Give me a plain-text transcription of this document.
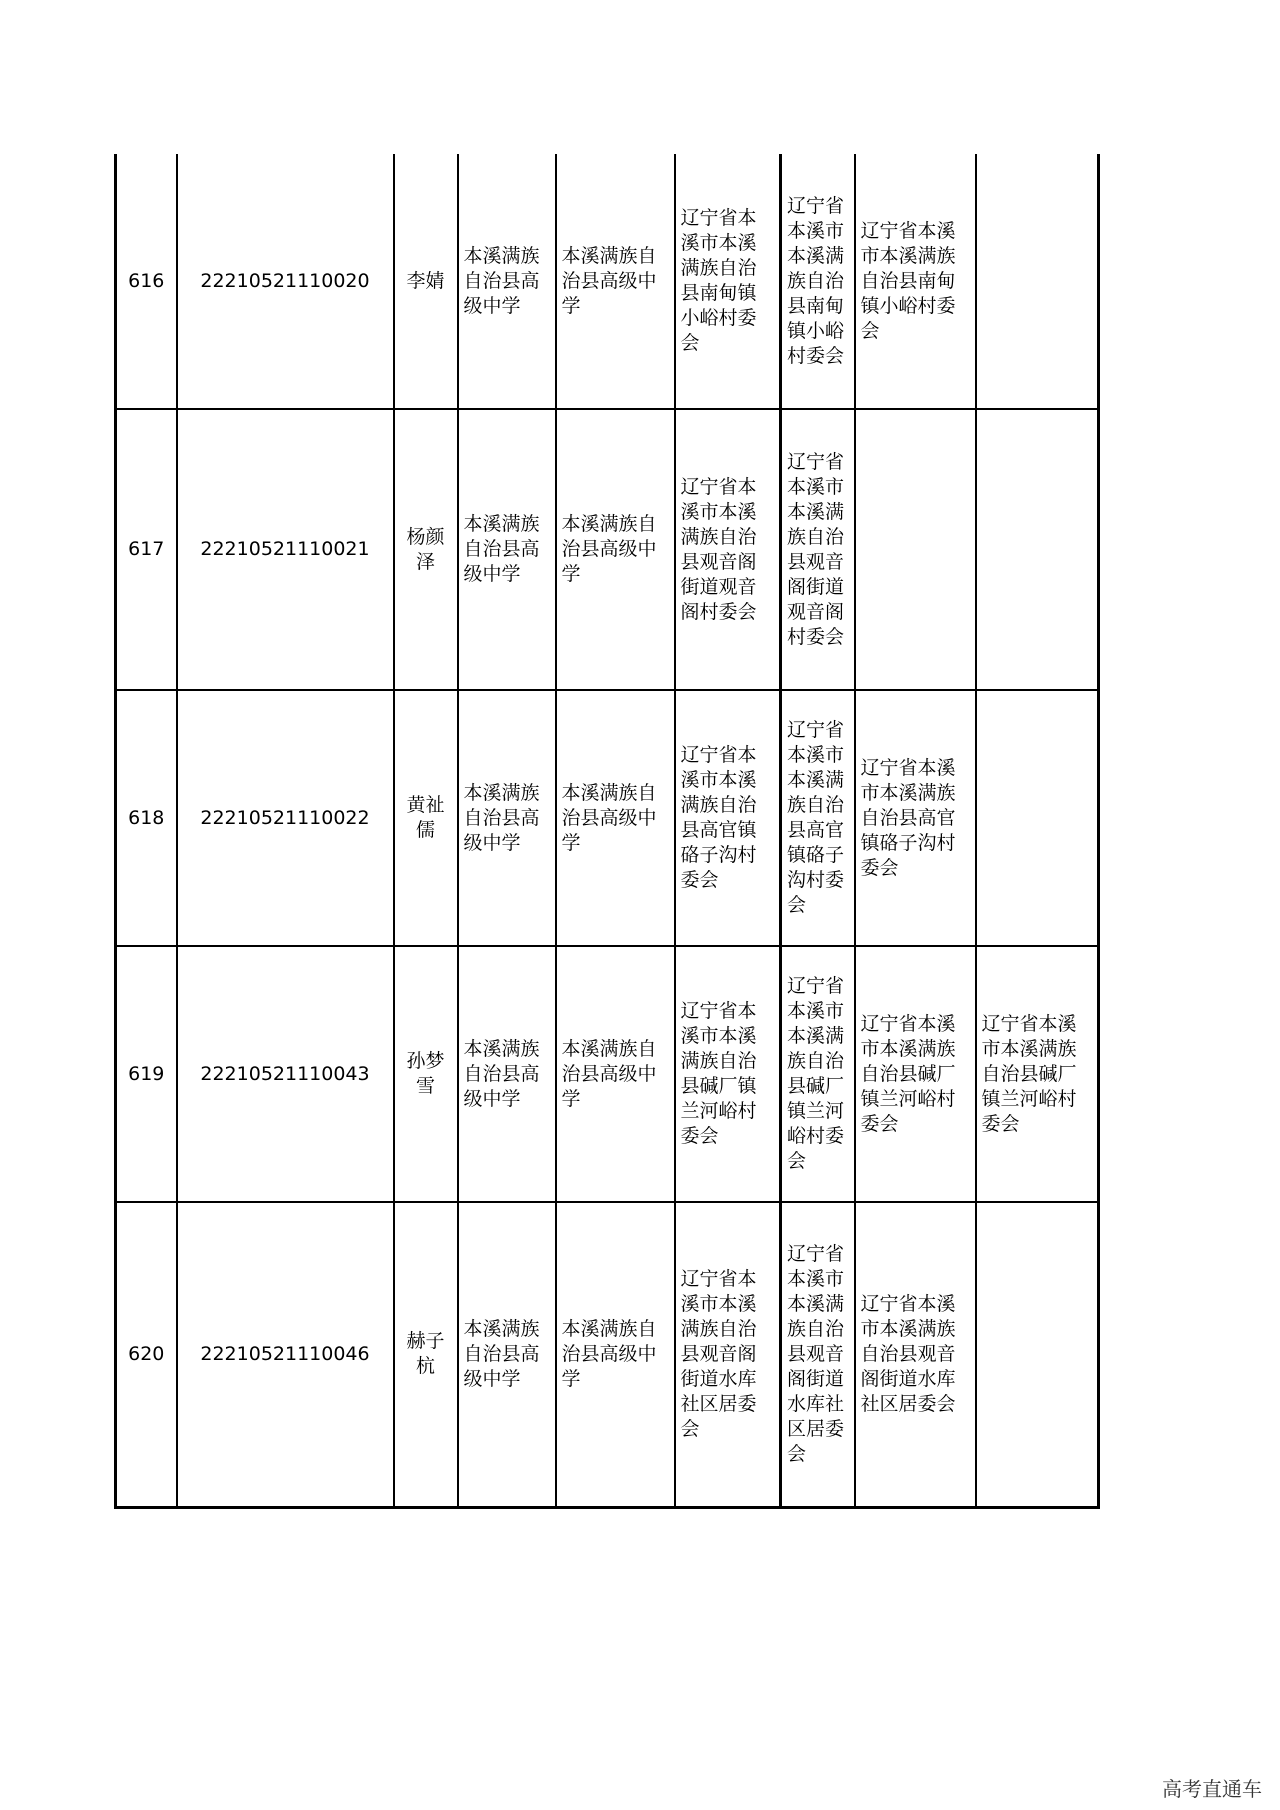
616	22210521110020	李婧	本溪满族自治县高级中学	本溪满族自治县高级中学	辽宁省本溪市本溪满族自治县南甸镇小峪村委会	辽宁省本溪市本溪满族自治县南甸镇小峪村委会	辽宁省本溪市本溪满族自治县南甸镇小峪村委会	
617	22210521110021	杨颜泽	本溪满族自治县高级中学	本溪满族自治县高级中学	辽宁省本溪市本溪满族自治县观音阁街道观音阁村委会	辽宁省本溪市本溪满族自治县观音阁街道观音阁村委会		
618	22210521110022	黄祉儒	本溪满族自治县高级中学	本溪满族自治县高级中学	辽宁省本溪市本溪满族自治县高官镇硌子沟村委会	辽宁省本溪市本溪满族自治县高官镇硌子沟村委会	辽宁省本溪市本溪满族自治县高官镇硌子沟村委会	
619	22210521110043	孙梦雪	本溪满族自治县高级中学	本溪满族自治县高级中学	辽宁省本溪市本溪满族自治县碱厂镇兰河峪村委会	辽宁省本溪市本溪满族自治县碱厂镇兰河峪村委会	辽宁省本溪市本溪满族自治县碱厂镇兰河峪村委会	辽宁省本溪市本溪满族自治县碱厂镇兰河峪村委会
620	22210521110046	赫子杭	本溪满族自治县高级中学	本溪满族自治县高级中学	辽宁省本溪市本溪满族自治县观音阁街道水库社区居委会	辽宁省本溪市本溪满族自治县观音阁街道水库社区居委会	辽宁省本溪市本溪满族自治县观音阁街道水库社区居委会	
高考直通车
